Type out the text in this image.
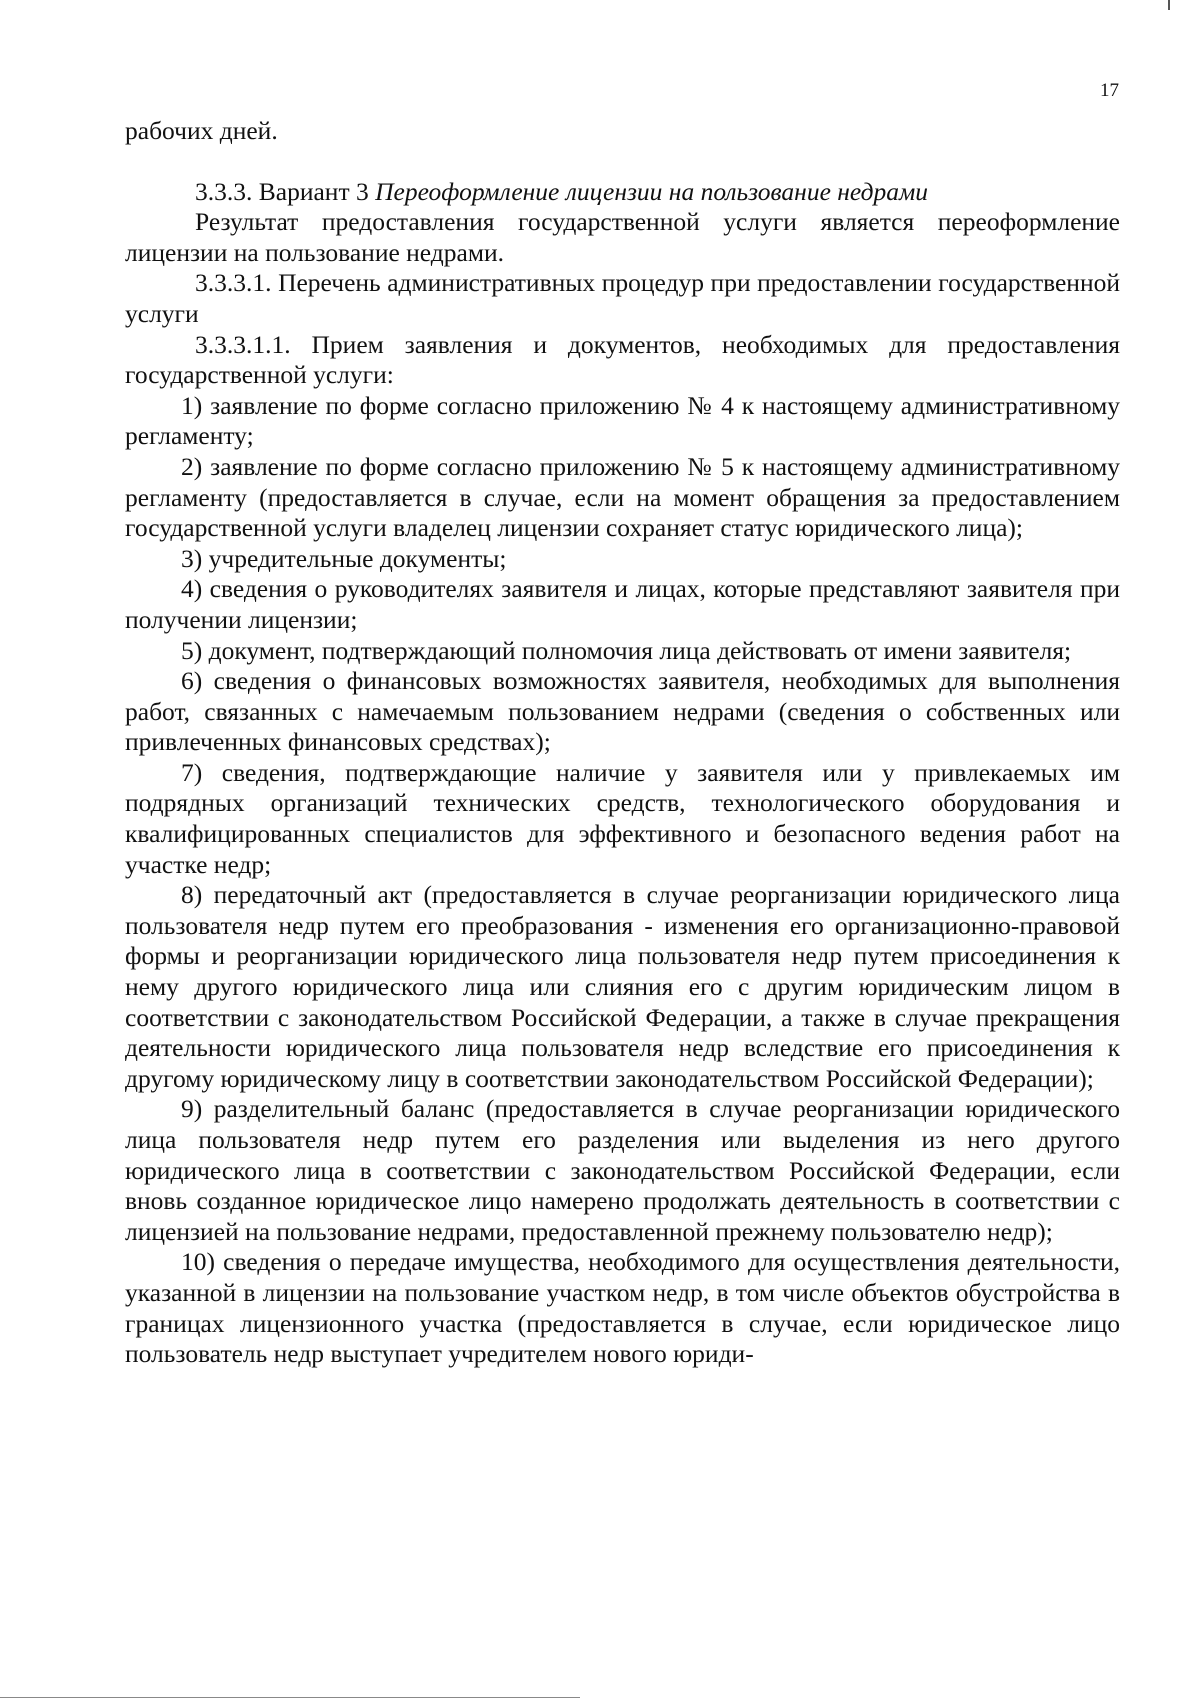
17

рабочих дней.

3.3.3. Вариант 3 Переоформление лицензии на пользование недрами

Результат предоставления государственной услуги является переоформление лицензии на пользование недрами.

3.3.3.1. Перечень административных процедур при предоставлении государственной услуги

3.3.3.1.1. Прием заявления и документов, необходимых для предоставления государственной услуги:

1) заявление по форме согласно приложению № 4 к настоящему административному регламенту;

2) заявление по форме согласно приложению № 5 к настоящему административному регламенту (предоставляется в случае, если на момент обращения за предоставлением государственной услуги владелец лицензии сохраняет статус юридического лица);

3) учредительные документы;

4) сведения о руководителях заявителя и лицах, которые представляют заявителя при получении лицензии;

5) документ, подтверждающий полномочия лица действовать от имени заявителя;

6) сведения о финансовых возможностях заявителя, необходимых для выполнения работ, связанных с намечаемым пользованием недрами (сведения о собственных или привлеченных финансовых средствах);

7) сведения, подтверждающие наличие у заявителя или у привлекаемых им подрядных организаций технических средств, технологического оборудования и квалифицированных специалистов для эффективного и безопасного ведения работ на участке недр;

8) передаточный акт (предоставляется в случае реорганизации юридического лица пользователя недр путем его преобразования - изменения его организационно-правовой формы и реорганизации юридического лица пользователя недр путем присоединения к нему другого юридического лица или слияния его с другим юридическим лицом в соответствии с законодательством Российской Федерации, а также в случае прекращения деятельности юридического лица пользователя недр вследствие его присоединения к другому юридическому лицу в соответствии законодательством Российской Федерации);

9) разделительный баланс (предоставляется в случае реорганизации юридического лица пользователя недр путем его разделения или выделения из него другого юридического лица в соответствии с законодательством Российской Федерации, если вновь созданное юридическое лицо намерено продолжать деятельность в соответствии с лицензией на пользование недрами, предоставленной прежнему пользователю недр);

10) сведения о передаче имущества, необходимого для осуществления деятельности, указанной в лицензии на пользование участком недр, в том числе объектов обустройства в границах лицензионного участка (предоставляется в случае, если юридическое лицо пользователь недр выступает учредителем нового юриди-
